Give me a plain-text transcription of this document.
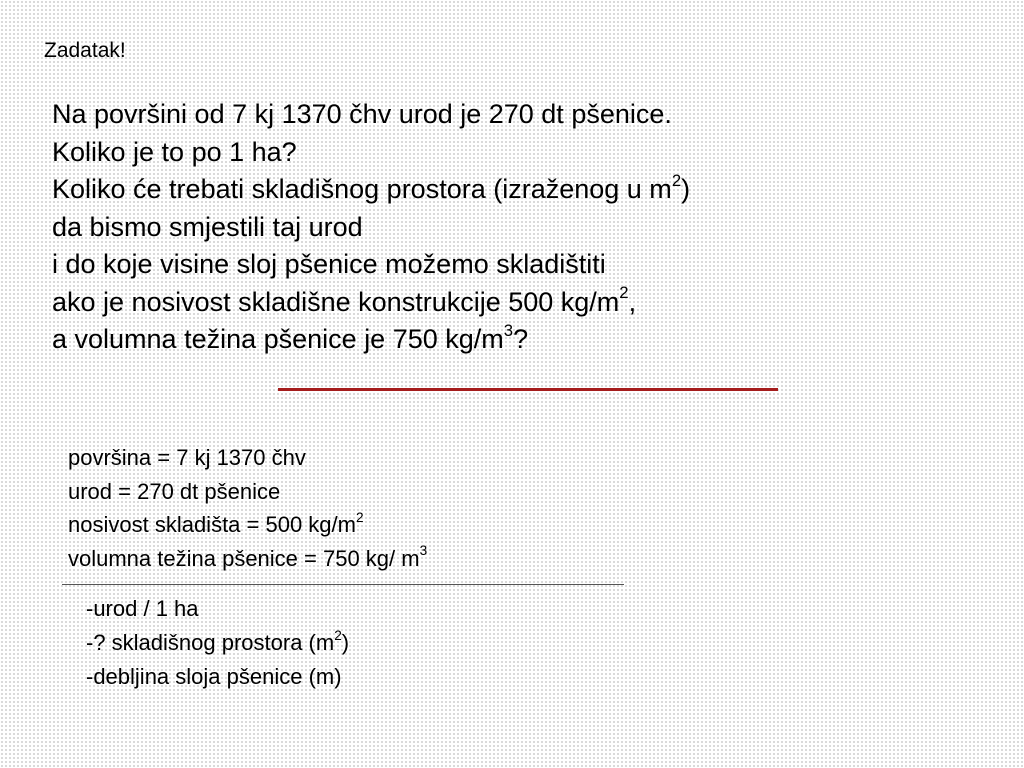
Zadatak!
Na površini od 7 kj 1370 čhv urod je 270 dt pšenice.
Koliko je to po 1 ha?
Koliko će trebati skladišnog prostora (izraženog u $m^2$)
da bismo smjestili taj urod
i do koje visine sloj pšenice možemo skladištiti
ako je nosivost skladišne konstrukcije 500 $kg/m^2$,
a volumna težina pšenice je 750 $kg/m^3$?
površina = 7 kj 1370 čhv
urod = 270 dt pšenice
nosivost skladišta = 500 $kg/m^2$
volumna težina pšenice = 750 kg/ $m^3$
-urod / 1 ha
-? skladišnog prostora $(m^2)$
-debljina sloja pšenice (m)
